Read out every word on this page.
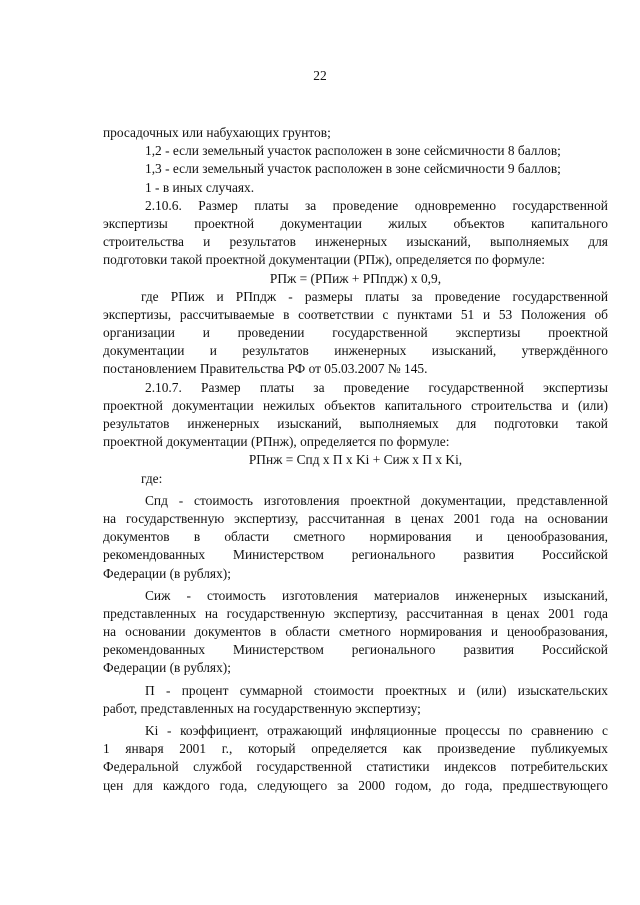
22
просадочных или набухающих грунтов;
1,2 - если земельный участок расположен в зоне сейсмичности 8 баллов;
1,3 - если земельный участок расположен в зоне сейсмичности 9 баллов;
1 - в иных случаях.
2.10.6. Размер платы за проведение одновременно государственной
экспертизы проектной документации жилых объектов капитального
строительства и результатов инженерных изысканий, выполняемых для
подготовки такой проектной документации (РПж), определяется по формуле:
РПж = (РПиж + РПпдж) х 0,9,
где РПиж и РПпдж - размеры платы за проведение государственной
экспертизы, рассчитываемые в соответствии с пунктами 51 и 53 Положения об
организации и проведении государственной экспертизы проектной
документации и результатов инженерных изысканий, утверждённого
постановлением Правительства РФ от 05.03.2007 № 145.
2.10.7. Размер платы за проведение государственной экспертизы
проектной документации нежилых объектов капитального строительства и (или)
результатов инженерных изысканий, выполняемых для подготовки такой
проектной документации (РПнж), определяется по формуле:
РПнж = Спд х П х Ki + Сиж х П х Ki,
где:
Спд - стоимость изготовления проектной документации, представленной
на государственную экспертизу, рассчитанная в ценах 2001 года на основании
документов в области сметного нормирования и ценообразования,
рекомендованных Министерством регионального развития Российской
Федерации (в рублях);
Сиж - стоимость изготовления материалов инженерных изысканий,
представленных на государственную экспертизу, рассчитанная в ценах 2001 года
на основании документов в области сметного нормирования и ценообразования,
рекомендованных Министерством регионального развития Российской
Федерации (в рублях);
П - процент суммарной стоимости проектных и (или) изыскательских
работ, представленных на государственную экспертизу;
Ki - коэффициент, отражающий инфляционные процессы по сравнению с
1 января 2001 г., который определяется как произведение публикуемых
Федеральной службой государственной статистики индексов потребительских
цен для каждого года, следующего за 2000 годом, до года, предшествующего
